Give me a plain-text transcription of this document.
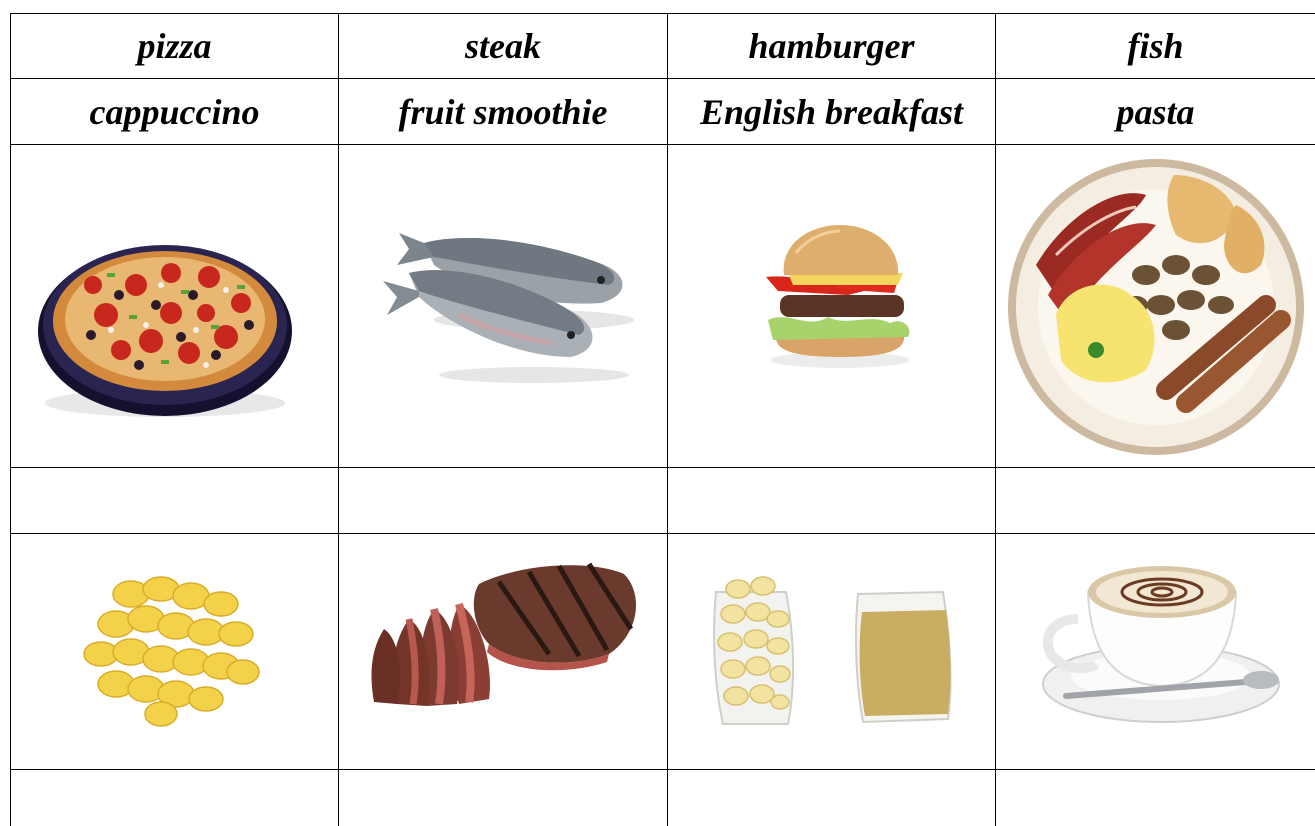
pizza	steak	hamburger	fish
cappuccino	fruit smoothie	English breakfast	pasta
